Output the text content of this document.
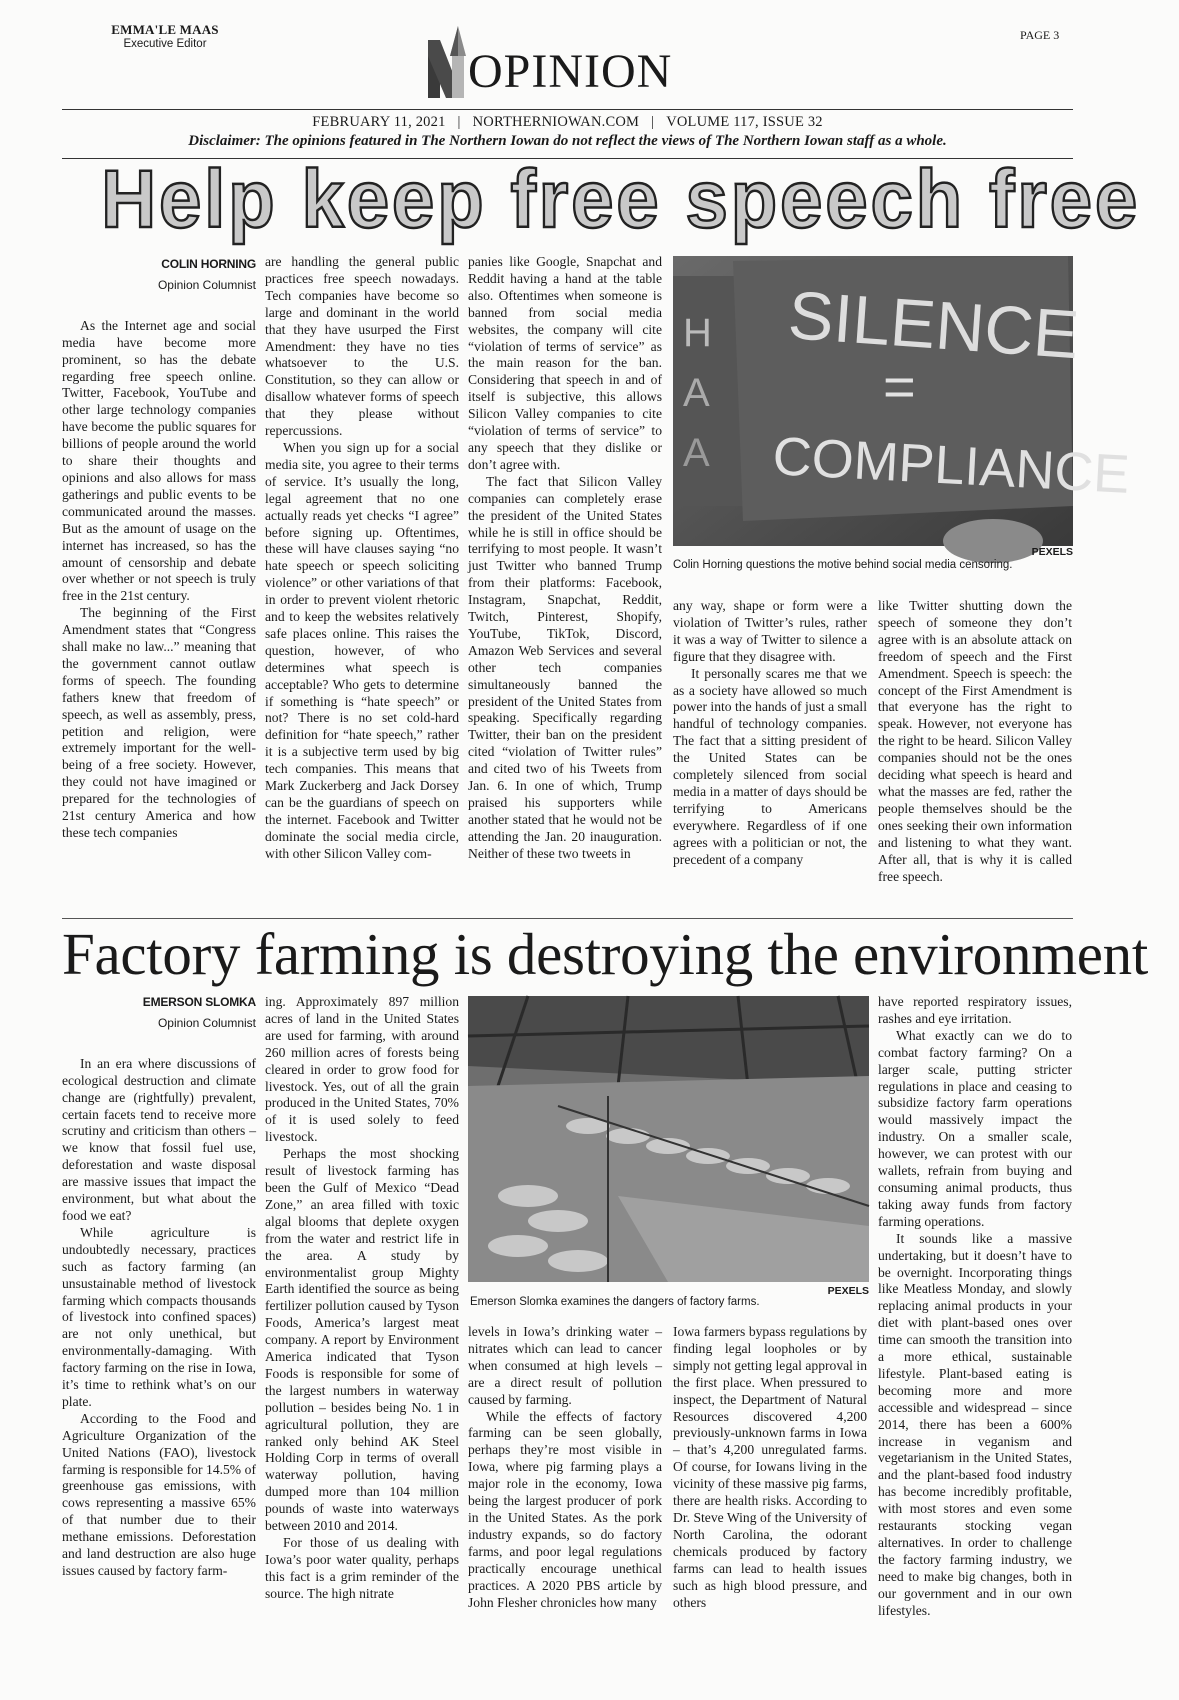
EMMA'LE MAAS
Executive Editor
OPINION
PAGE 3
FEBRUARY 11, 2021 | NORTHERNIOWAN.COM | VOLUME 117, ISSUE 32
Disclaimer: The opinions featured in The Northern Iowan do not reflect the views of The Northern Iowan staff as a whole.
Help keep free speech free
COLIN HORNING
Opinion Columnist

As the Internet age and social media have become more prominent, so has the debate regarding free speech online. Twitter, Facebook, YouTube and other large technology companies have become the public squares for billions of people around the world to share their thoughts and opinions and also allows for mass gatherings and public events to be communicated around the masses. But as the amount of usage on the internet has increased, so has the amount of censorship and debate over whether or not speech is truly free in the 21st century.

The beginning of the First Amendment states that “Congress shall make no law...” meaning that the government cannot outlaw forms of speech. The founding fathers knew that freedom of speech, as well as assembly, press, petition and religion, were extremely important for the well-being of a free society. However, they could not have imagined or prepared for the technologies of 21st century America and how these tech companies

are handling the general public practices free speech nowadays. Tech companies have become so large and dominant in the world that they have usurped the First Amendment: they have no ties whatsoever to the U.S. Constitution, so they can allow or disallow whatever forms of speech that they please without repercussions.

When you sign up for a social media site, you agree to their terms of service. It’s usually the long, legal agreement that no one actually reads yet checks “I agree” before signing up. Oftentimes, these will have clauses saying “no hate speech or speech soliciting violence” or other variations of that in order to prevent violent rhetoric and to keep the websites relatively safe places online. This raises the question, however, of who determines what speech is acceptable? Who gets to determine if something is “hate speech” or not? There is no set cold-hard definition for “hate speech,” rather it is a subjective term used by big tech companies. This means that Mark Zuckerberg and Jack Dorsey can be the guardians of speech on the internet. Facebook and Twitter dominate the social media circle, with other Silicon Valley com-

panies like Google, Snapchat and Reddit having a hand at the table also. Oftentimes when someone is banned from social media websites, the company will cite “violation of terms of service” as the main reason for the ban. Considering that speech in and of itself is subjective, this allows Silicon Valley companies to cite “violation of terms of service” to any speech that they dislike or don’t agree with.

The fact that Silicon Valley companies can completely erase the president of the United States while he is still in office should be terrifying to most people. It wasn’t just Twitter who banned Trump from their platforms: Facebook, Instagram, Snapchat, Reddit, Twitch, Pinterest, Shopify, YouTube, TikTok, Discord, Amazon Web Services and several other tech companies simultaneously banned the president of the United States from speaking. Specifically regarding Twitter, their ban on the president cited “violation of Twitter rules” and cited two of his Tweets from Jan. 6. In one of which, Trump praised his supporters while another stated that he would not be attending the Jan. 20 inauguration. Neither of these two tweets in

H
A
A
SILENCE
=
COMPLIANCE
PEXELS
Colin Horning questions the motive behind social media censoring.

any way, shape or form were a violation of Twitter’s rules, rather it was a way of Twitter to silence a figure that they disagree with.

It personally scares me that we as a society have allowed so much power into the hands of just a small handful of technology companies. The fact that a sitting president of the United States can be completely silenced from social media in a matter of days should be terrifying to Americans everywhere. Regardless of if one agrees with a politician or not, the precedent of a company

like Twitter shutting down the speech of someone they don’t agree with is an absolute attack on freedom of speech and the First Amendment. Speech is speech: the concept of the First Amendment is that everyone has the right to speak. However, not everyone has the right to be heard. Silicon Valley companies should not be the ones deciding what speech is heard and what the masses are fed, rather the people themselves should be the ones seeking their own information and listening to what they want. After all, that is why it is called free speech.

Factory farming is destroying the environment
EMERSON SLOMKA
Opinion Columnist

In an era where discussions of ecological destruction and climate change are (rightfully) prevalent, certain facets tend to receive more scrutiny and criticism than others – we know that fossil fuel use, deforestation and waste disposal are massive issues that impact the environment, but what about the food we eat?

While agriculture is undoubtedly necessary, practices such as factory farming (an unsustainable method of livestock farming which compacts thousands of livestock into confined spaces) are not only unethical, but environmentally-damaging. With factory farming on the rise in Iowa, it’s time to rethink what’s on our plate.

According to the Food and Agriculture Organization of the United Nations (FAO), livestock farming is responsible for 14.5% of greenhouse gas emissions, with cows representing a massive 65% of that number due to their methane emissions. Deforestation and land destruction are also huge issues caused by factory farm-

ing. Approximately 897 million acres of land in the United States are used for farming, with around 260 million acres of forests being cleared in order to grow food for livestock. Yes, out of all the grain produced in the United States, 70% of it is used solely to feed livestock.

Perhaps the most shocking result of livestock farming has been the Gulf of Mexico “Dead Zone,” an area filled with toxic algal blooms that deplete oxygen from the water and restrict life in the area. A study by environmentalist group Mighty Earth identified the source as being fertilizer pollution caused by Tyson Foods, America’s largest meat company. A report by Environment America indicated that Tyson Foods is responsible for some of the largest numbers in waterway pollution – besides being No. 1 in agricultural pollution, they are ranked only behind AK Steel Holding Corp in terms of overall waterway pollution, having dumped more than 104 million pounds of waste into waterways between 2010 and 2014.

For those of us dealing with Iowa’s poor water quality, perhaps this fact is a grim reminder of the source. The high nitrate

PEXELS
Emerson Slomka examines the dangers of factory farms.

levels in Iowa’s drinking water – nitrates which can lead to cancer when consumed at high levels – are a direct result of pollution caused by farming.

While the effects of factory farming can be seen globally, perhaps they’re most visible in Iowa, where pig farming plays a major role in the economy, Iowa being the largest producer of pork in the United States. As the pork industry expands, so do factory farms, and poor legal regulations practically encourage unethical practices. A 2020 PBS article by John Flesher chronicles how many

Iowa farmers bypass regulations by finding legal loopholes or by simply not getting legal approval in the first place. When pressured to inspect, the Department of Natural Resources discovered 4,200 previously-unknown farms in Iowa – that’s 4,200 unregulated farms. Of course, for Iowans living in the vicinity of these massive pig farms, there are health risks. According to Dr. Steve Wing of the University of North Carolina, the odorant chemicals produced by factory farms can lead to health issues such as high blood pressure, and others

have reported respiratory issues, rashes and eye irritation.

What exactly can we do to combat factory farming? On a larger scale, putting stricter regulations in place and ceasing to subsidize factory farm operations would massively impact the industry. On a smaller scale, however, we can protest with our wallets, refrain from buying and consuming animal products, thus taking away funds from factory farming operations.

It sounds like a massive undertaking, but it doesn’t have to be overnight. Incorporating things like Meatless Monday, and slowly replacing animal products in your diet with plant-based ones over time can smooth the transition into a more ethical, sustainable lifestyle. Plant-based eating is becoming more and more accessible and widespread – since 2014, there has been a 600% increase in veganism and vegetarianism in the United States, and the plant-based food industry has become incredibly profitable, with most stores and even some restaurants stocking vegan alternatives. In order to challenge the factory farming industry, we need to make big changes, both in our government and in our own lifestyles.
